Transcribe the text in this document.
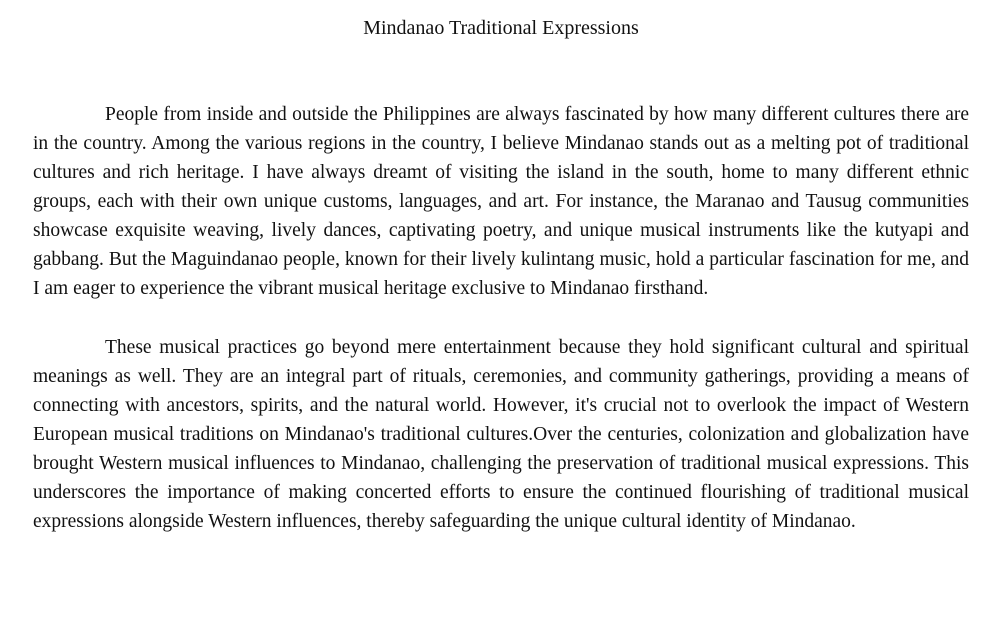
Mindanao Traditional Expressions

People from inside and outside the Philippines are always fascinated by how many different cultures there are in the country. Among the various regions in the country, I believe Mindanao stands out as a melting pot of traditional cultures and rich heritage. I have always dreamt of visiting the island in the south, home to many different ethnic groups, each with their own unique customs, languages, and art. For instance, the Maranao and Tausug communities showcase exquisite weaving, lively dances, captivating poetry, and unique musical instruments like the kutyapi and gabbang. But the Maguindanao people, known for their lively kulintang music, hold a particular fascination for me, and I am eager to experience the vibrant musical heritage exclusive to Mindanao firsthand.

These musical practices go beyond mere entertainment because they hold significant cultural and spiritual meanings as well. They are an integral part of rituals, ceremonies, and community gatherings, providing a means of connecting with ancestors, spirits, and the natural world. However, it's crucial not to overlook the impact of Western European musical traditions on Mindanao's traditional cultures.Over the centuries, colonization and globalization have brought Western musical influences to Mindanao, challenging the preservation of traditional musical expressions. This underscores the importance of making concerted efforts to ensure the continued flourishing of traditional musical expressions alongside Western influences, thereby safeguarding the unique cultural identity of Mindanao.
